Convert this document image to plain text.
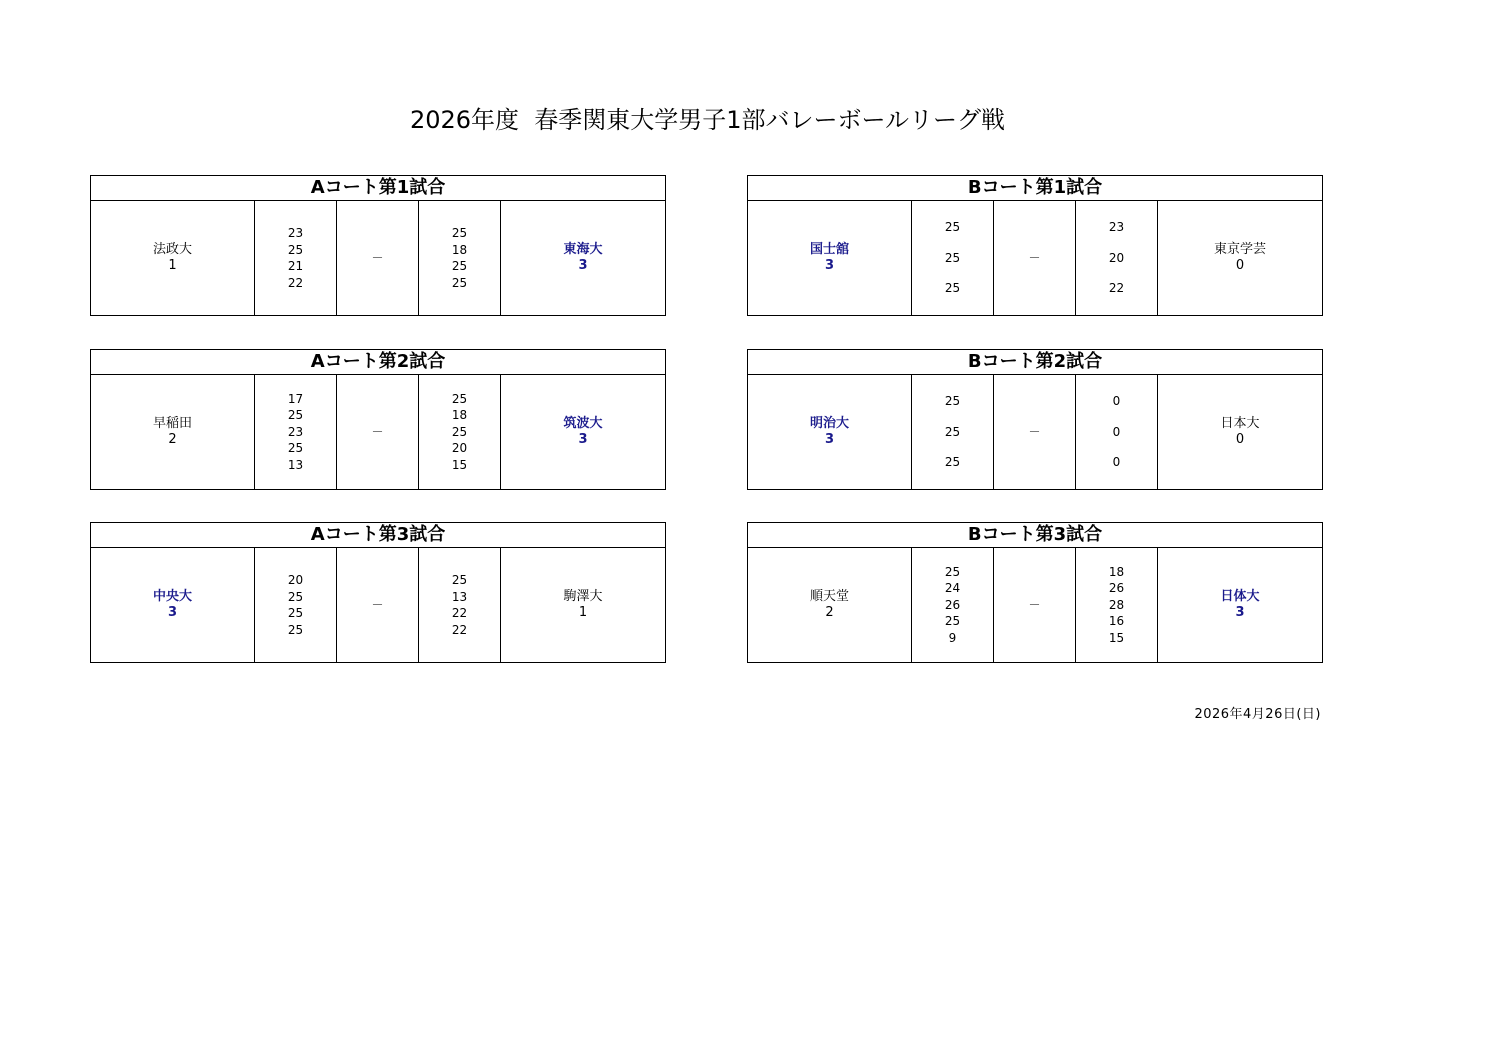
2026年度  春季関東大学男子1部バレーボールリーグ戦
Aコート第1試合
法政大
1
23
25
21
22
－
25
18
25
25
東海大
3
Bコート第1試合
国士舘
3
25
25
25
－
23
20
22
東京学芸
0
Aコート第2試合
早稲田
2
17
25
23
25
13
－
25
18
25
20
15
筑波大
3
Bコート第2試合
明治大
3
25
25
25
－
0
0
0
日本大
0
Aコート第3試合
中央大
3
20
25
25
25
－
25
13
22
22
駒澤大
1
Bコート第3試合
順天堂
2
25
24
26
25
9
－
18
26
28
16
15
日体大
3
2026年4月26日(日)
